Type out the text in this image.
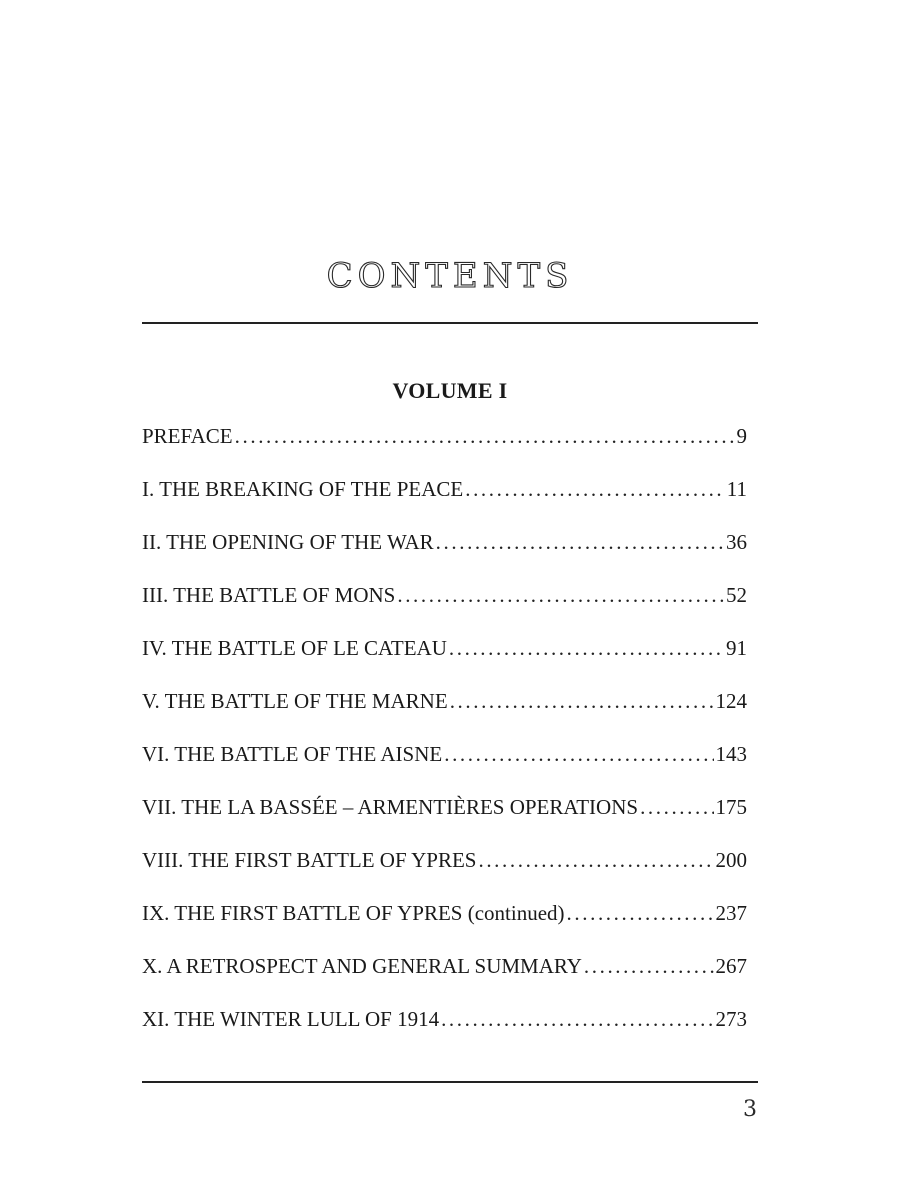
CONTENTS
VOLUME I
PREFACE .....	9
I. THE BREAKING OF THE PEACE .....	11
II. THE OPENING OF THE WAR .....	36
III. THE BATTLE OF MONS .....	52
IV. THE BATTLE OF LE CATEAU .....	91
V. THE BATTLE OF THE MARNE .....	124
VI. THE BATTLE OF THE AISNE .....	143
VII. THE LA BASSÉE – ARMENTIÈRES OPERATIONS .....	175
VIII. THE FIRST BATTLE OF YPRES .....	200
IX. THE FIRST BATTLE OF YPRES (continued) .....	237
X. A RETROSPECT AND GENERAL SUMMARY .....	267
XI. THE WINTER LULL OF 1914 .....	273
3
